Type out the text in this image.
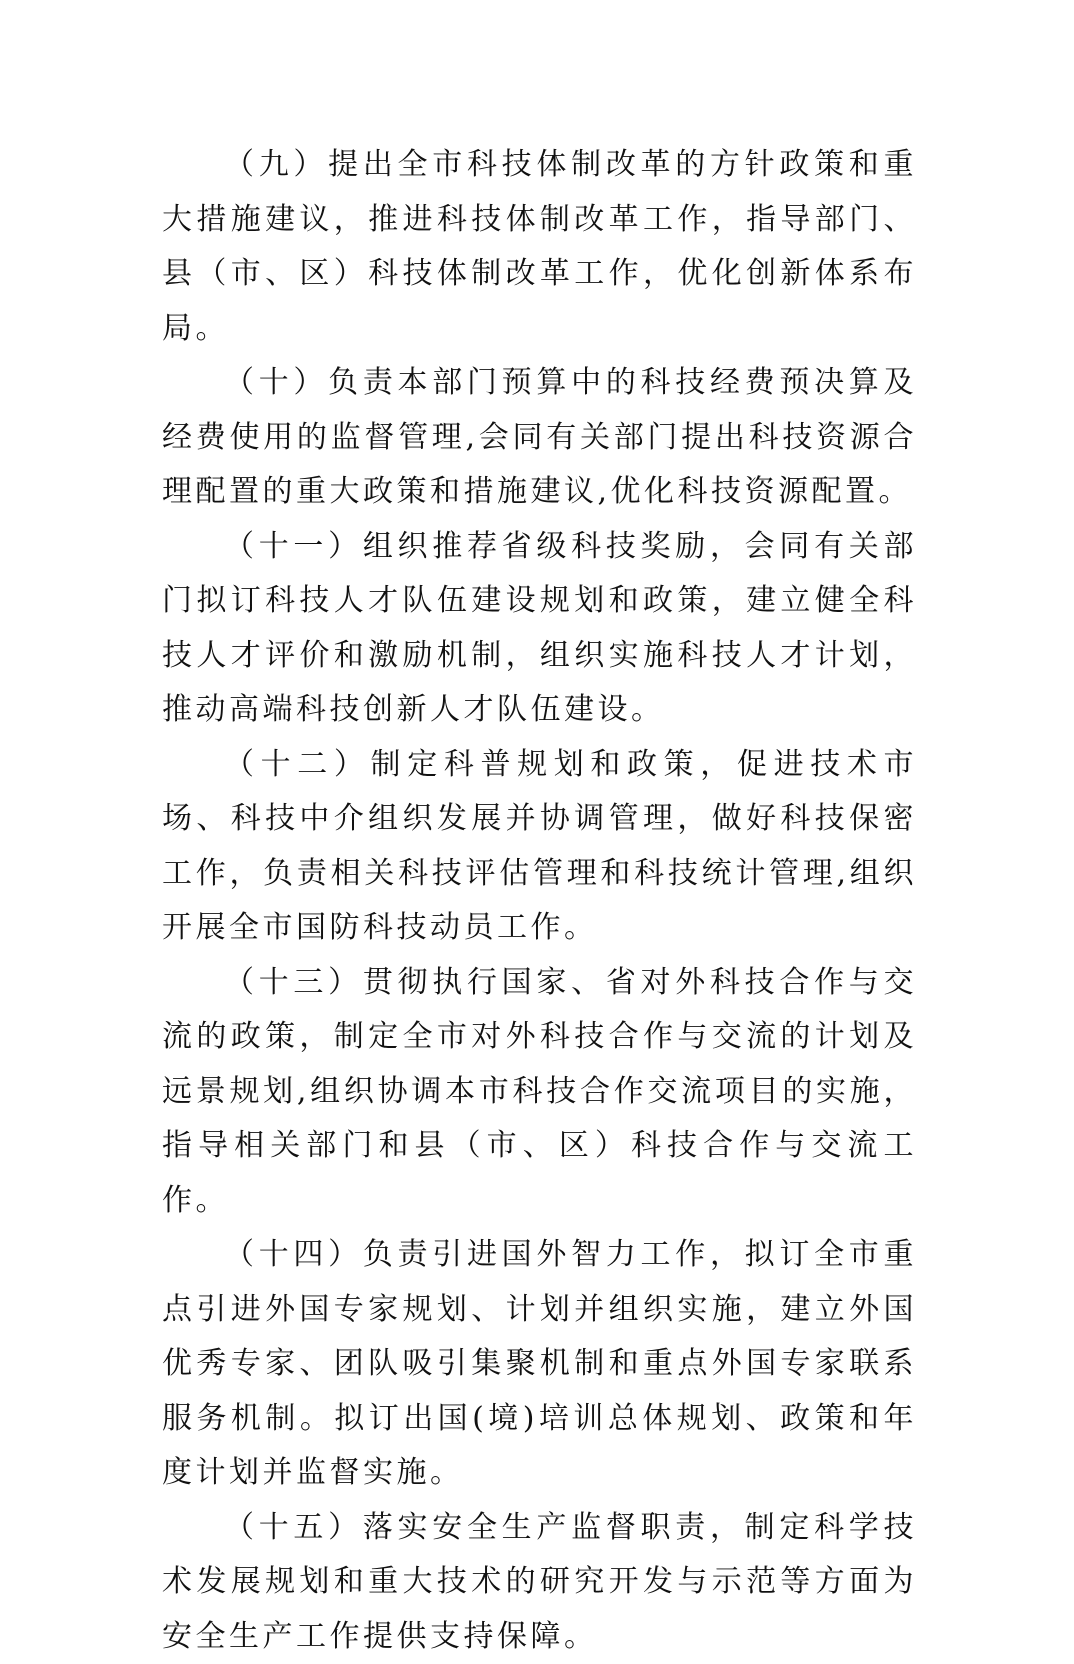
（九）提出全市科技体制改革的方针政策和重大措施建议，推进科技体制改革工作，指导部门、县（市、区）科技体制改革工作，优化创新体系布局。

（十）负责本部门预算中的科技经费预决算及经费使用的监督管理,会同有关部门提出科技资源合理配置的重大政策和措施建议,优化科技资源配置。

（十一）组织推荐省级科技奖励，会同有关部门拟订科技人才队伍建设规划和政策，建立健全科技人才评价和激励机制，组织实施科技人才计划，推动高端科技创新人才队伍建设。

（十二）制定科普规划和政策，促进技术市场、科技中介组织发展并协调管理，做好科技保密工作，负责相关科技评估管理和科技统计管理,组织开展全市国防科技动员工作。

（十三）贯彻执行国家、省对外科技合作与交流的政策，制定全市对外科技合作与交流的计划及远景规划,组织协调本市科技合作交流项目的实施，指导相关部门和县（市、区）科技合作与交流工作。

（十四）负责引进国外智力工作，拟订全市重点引进外国专家规划、计划并组织实施，建立外国优秀专家、团队吸引集聚机制和重点外国专家联系服务机制。拟订出国(境)培训总体规划、政策和年度计划并监督实施。

（十五）落实安全生产监督职责，制定科学技术发展规划和重大技术的研究开发与示范等方面为安全生产工作提供支持保障。
